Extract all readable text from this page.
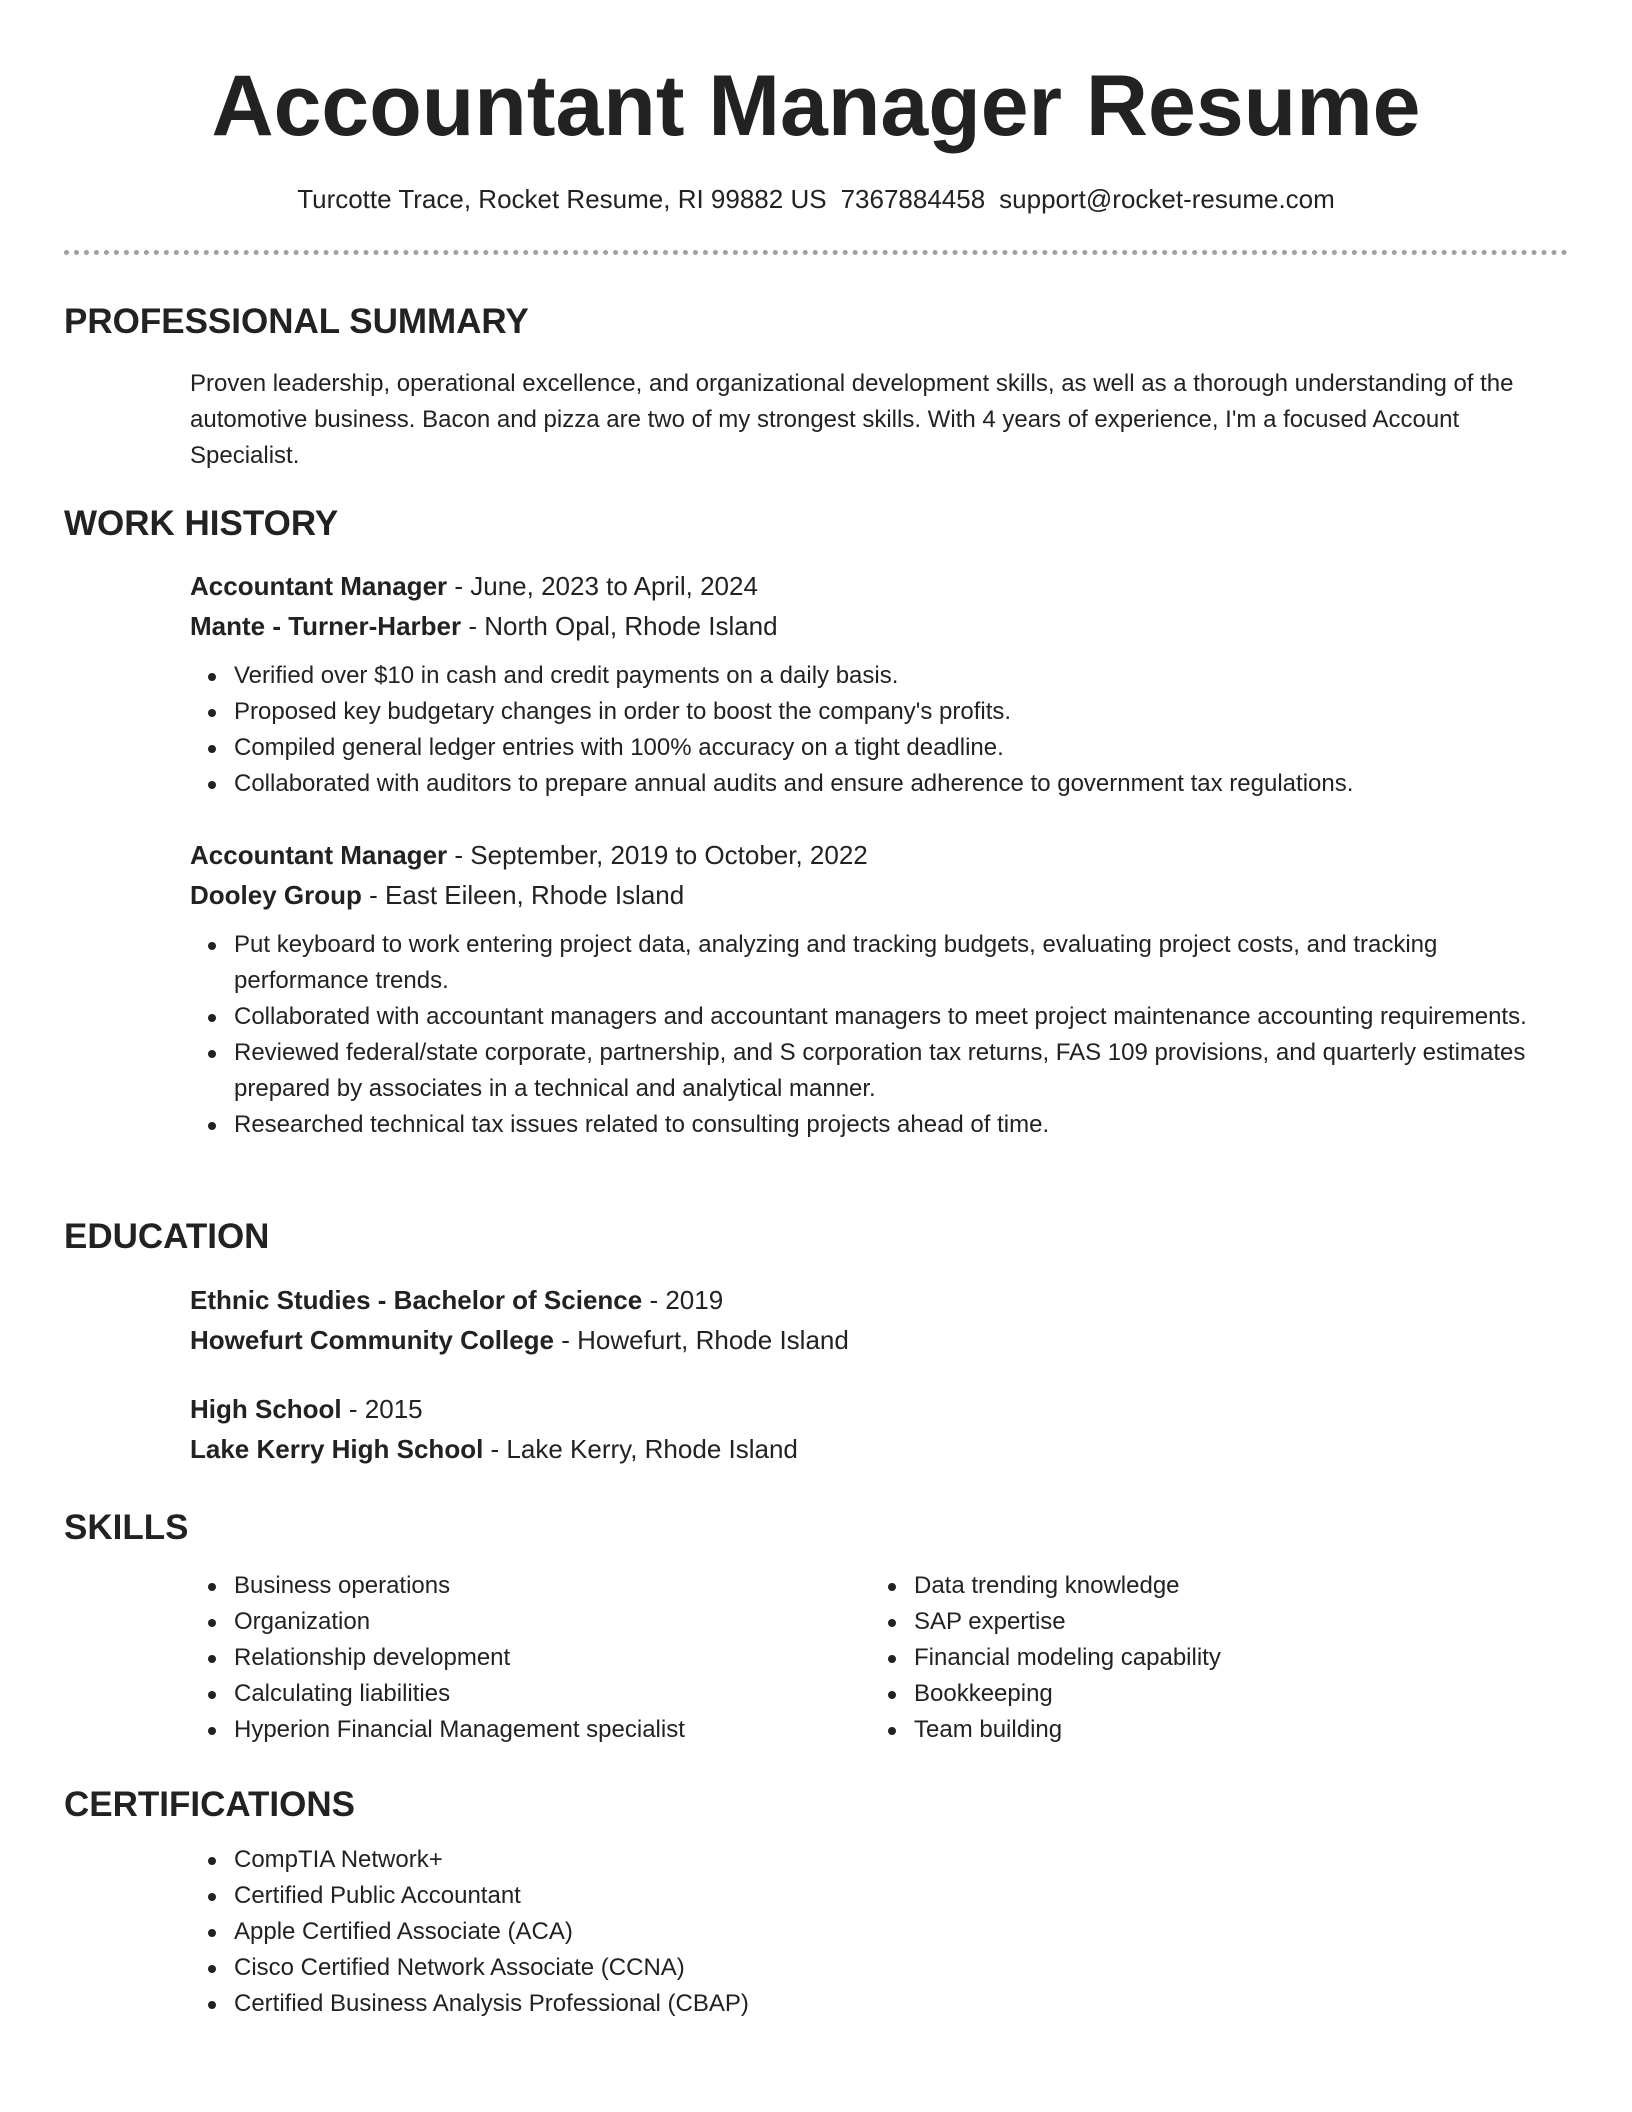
Accountant Manager Resume
Turcotte Trace, Rocket Resume, RI 99882 US 7367884458 support@rocket-resume.com
PROFESSIONAL SUMMARY

Proven leadership, operational excellence, and organizational development skills, as well as a thorough understanding of the automotive business. Bacon and pizza are two of my strongest skills. With 4 years of experience, I'm a focused Account Specialist.

WORK HISTORY

Accountant Manager - June, 2023 to April, 2024

Mante - Turner-Harber - North Opal, Rhode Island

Verified over $10 in cash and credit payments on a daily basis.
Proposed key budgetary changes in order to boost the company's profits.
Compiled general ledger entries with 100% accuracy on a tight deadline.
Collaborated with auditors to prepare annual audits and ensure adherence to government tax regulations.

Accountant Manager - September, 2019 to October, 2022

Dooley Group - East Eileen, Rhode Island

Put keyboard to work entering project data, analyzing and tracking budgets, evaluating project costs, and tracking performance trends.
Collaborated with accountant managers and accountant managers to meet project maintenance accounting requirements.
Reviewed federal/state corporate, partnership, and S corporation tax returns, FAS 109 provisions, and quarterly estimates prepared by associates in a technical and analytical manner.
Researched technical tax issues related to consulting projects ahead of time.
EDUCATION

Ethnic Studies - Bachelor of Science - 2019

Howefurt Community College - Howefurt, Rhode Island

High School - 2015

Lake Kerry High School - Lake Kerry, Rhode Island

SKILLS
Business operations
Organization
Relationship development
Calculating liabilities
Hyperion Financial Management specialist
Data trending knowledge
SAP expertise
Financial modeling capability
Bookkeeping
Team building
CERTIFICATIONS
CompTIA Network+
Certified Public Accountant
Apple Certified Associate (ACA)
Cisco Certified Network Associate (CCNA)
Certified Business Analysis Professional (CBAP)
